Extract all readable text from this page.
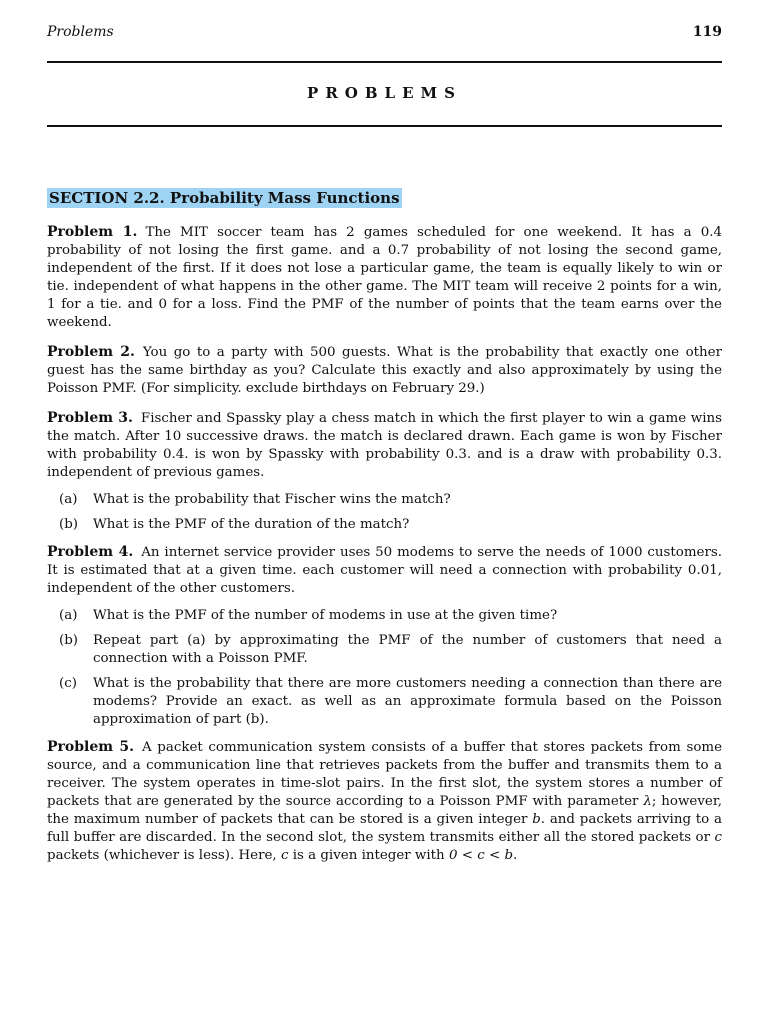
Problems	119
PROBLEMS
SECTION 2.2. Probability Mass Functions

Problem 1. The MIT soccer team has 2 games scheduled for one weekend. It has a 0.4 probability of not losing the first game. and a 0.7 probability of not losing the second game, independent of the first. If it does not lose a particular game, the team is equally likely to win or tie. independent of what happens in the other game. The MIT team will receive 2 points for a win, 1 for a tie. and 0 for a loss. Find the PMF of the number of points that the team earns over the weekend.

Problem 2. You go to a party with 500 guests. What is the probability that exactly one other guest has the same birthday as you? Calculate this exactly and also approximately by using the Poisson PMF. (For simplicity. exclude birthdays on February 29.)

Problem 3. Fischer and Spassky play a chess match in which the first player to win a game wins the match. After 10 successive draws. the match is declared drawn. Each game is won by Fischer with probability 0.4. is won by Spassky with probability 0.3. and is a draw with probability 0.3. independent of previous games.

(a) What is the probability that Fischer wins the match?
(b) What is the PMF of the duration of the match?

Problem 4. An internet service provider uses 50 modems to serve the needs of 1000 customers. It is estimated that at a given time. each customer will need a connection with probability 0.01, independent of the other customers.

(a) What is the PMF of the number of modems in use at the given time?
(b) Repeat part (a) by approximating the PMF of the number of customers that need a connection with a Poisson PMF.
(c) What is the probability that there are more customers needing a connection than there are modems? Provide an exact. as well as an approximate formula based on the Poisson approximation of part (b).

Problem 5. A packet communication system consists of a buffer that stores packets from some source, and a communication line that retrieves packets from the buffer and transmits them to a receiver. The system operates in time-slot pairs. In the first slot, the system stores a number of packets that are generated by the source according to a Poisson PMF with parameter λ; however, the maximum number of packets that can be stored is a given integer b. and packets arriving to a full buffer are discarded. In the second slot, the system transmits either all the stored packets or c packets (whichever is less). Here, c is a given integer with 0 < c < b.
